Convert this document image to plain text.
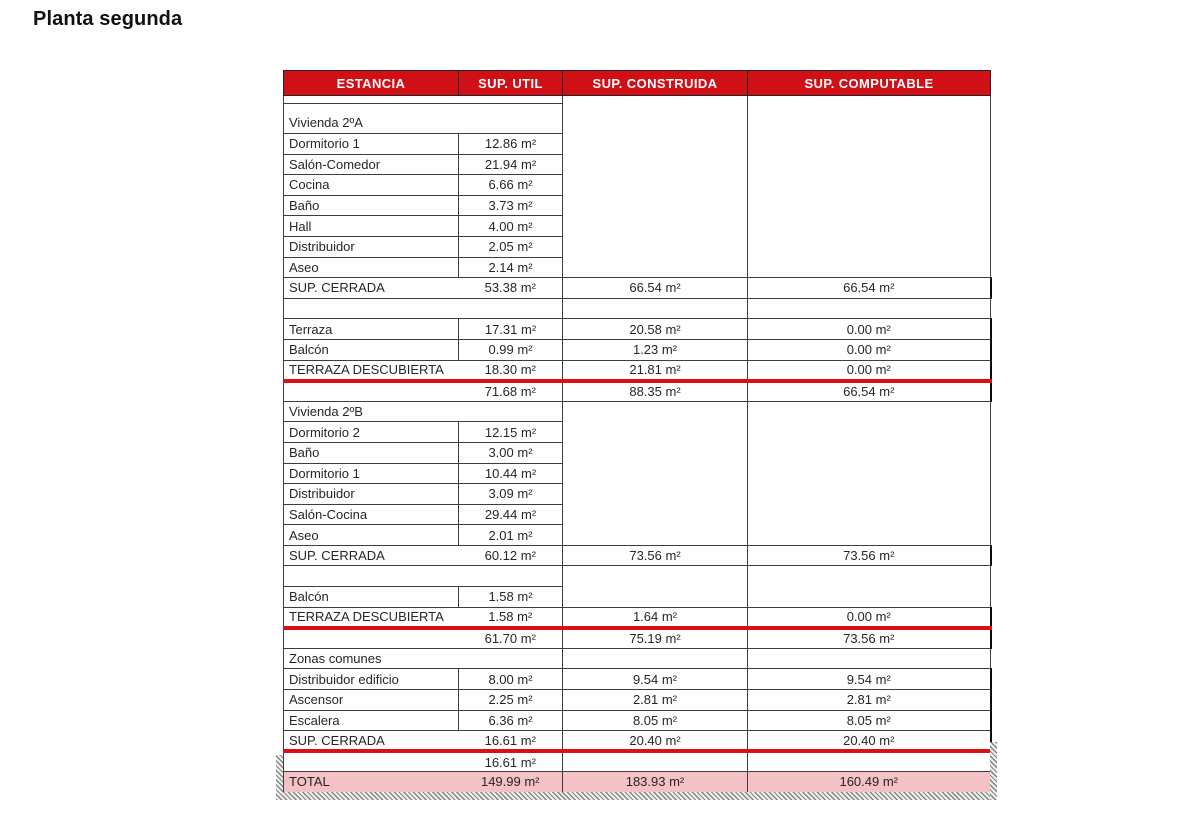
Planta segunda
ESTANCIA	SUP. UTIL	SUP. CONSTRUIDA	SUP. COMPUTABLE

Vivienda 2ºA			
Dormitorio 1	12.86 m²		
Salón-Comedor	21.94 m²		
Cocina	6.66 m²		
Baño	3.73 m²		
Hall	4.00 m²		
Distribuidor	2.05 m²		
Aseo	2.14 m²		
SUP. CERRADA	53.38 m²	66.54 m²	66.54 m²

Terraza	17.31 m²	20.58 m²	0.00 m²
Balcón	0.99 m²	1.23 m²	0.00 m²
TERRAZA DESCUBIERTA	18.30 m²	21.81 m²	0.00 m²
	71.68 m²	88.35 m²	66.54 m²
Vivienda 2ºB			
Dormitorio 2	12.15 m²		
Baño	3.00 m²		
Dormitorio 1	10.44 m²		
Distribuidor	3.09 m²		
Salón-Cocina	29.44 m²		
Aseo	2.01 m²		
SUP. CERRADA	60.12 m²	73.56 m²	73.56 m²

Balcón	1.58 m²		
TERRAZA DESCUBIERTA	1.58 m²	1.64 m²	0.00 m²
	61.70 m²	75.19 m²	73.56 m²
Zonas comunes			
Distribuidor edificio	8.00 m²	9.54 m²	9.54 m²
Ascensor	2.25 m²	2.81 m²	2.81 m²
Escalera	6.36 m²	8.05 m²	8.05 m²
SUP. CERRADA	16.61 m²	20.40 m²	20.40 m²
	16.61 m²		
TOTAL	149.99 m²	183.93 m²	160.49 m²
